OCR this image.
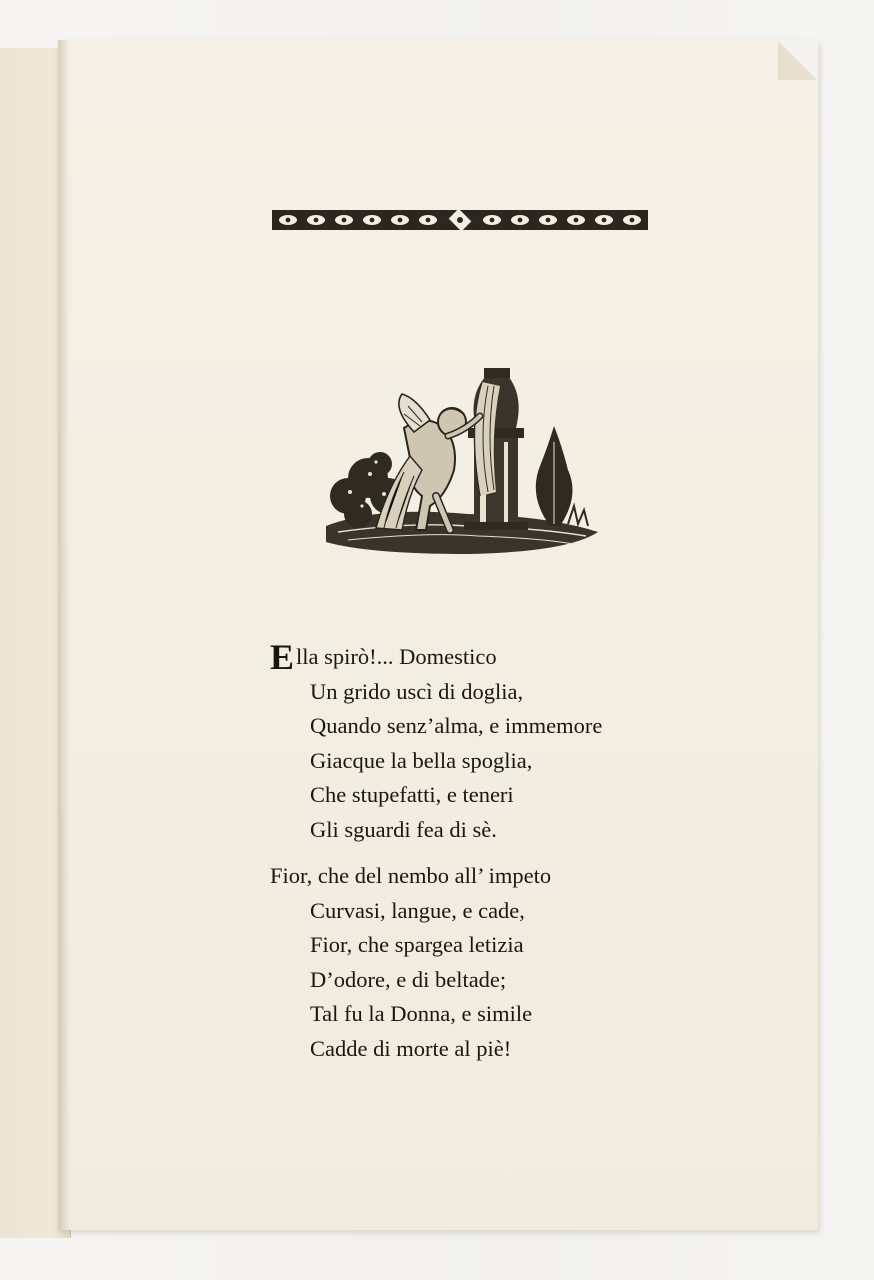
Ella spirò!... Domestico
Un grido uscì di doglia,
Quando senz’alma, e immemore
Giacque la bella spoglia,
Che stupefatti, e teneri
Gli sguardi fea di sè.
Fior, che del nembo all’ impeto
Curvasi, langue, e cade,
Fior, che spargea letizia
D’odore, e di beltade;
Tal fu la Donna, e simile
Cadde di morte al piè!
